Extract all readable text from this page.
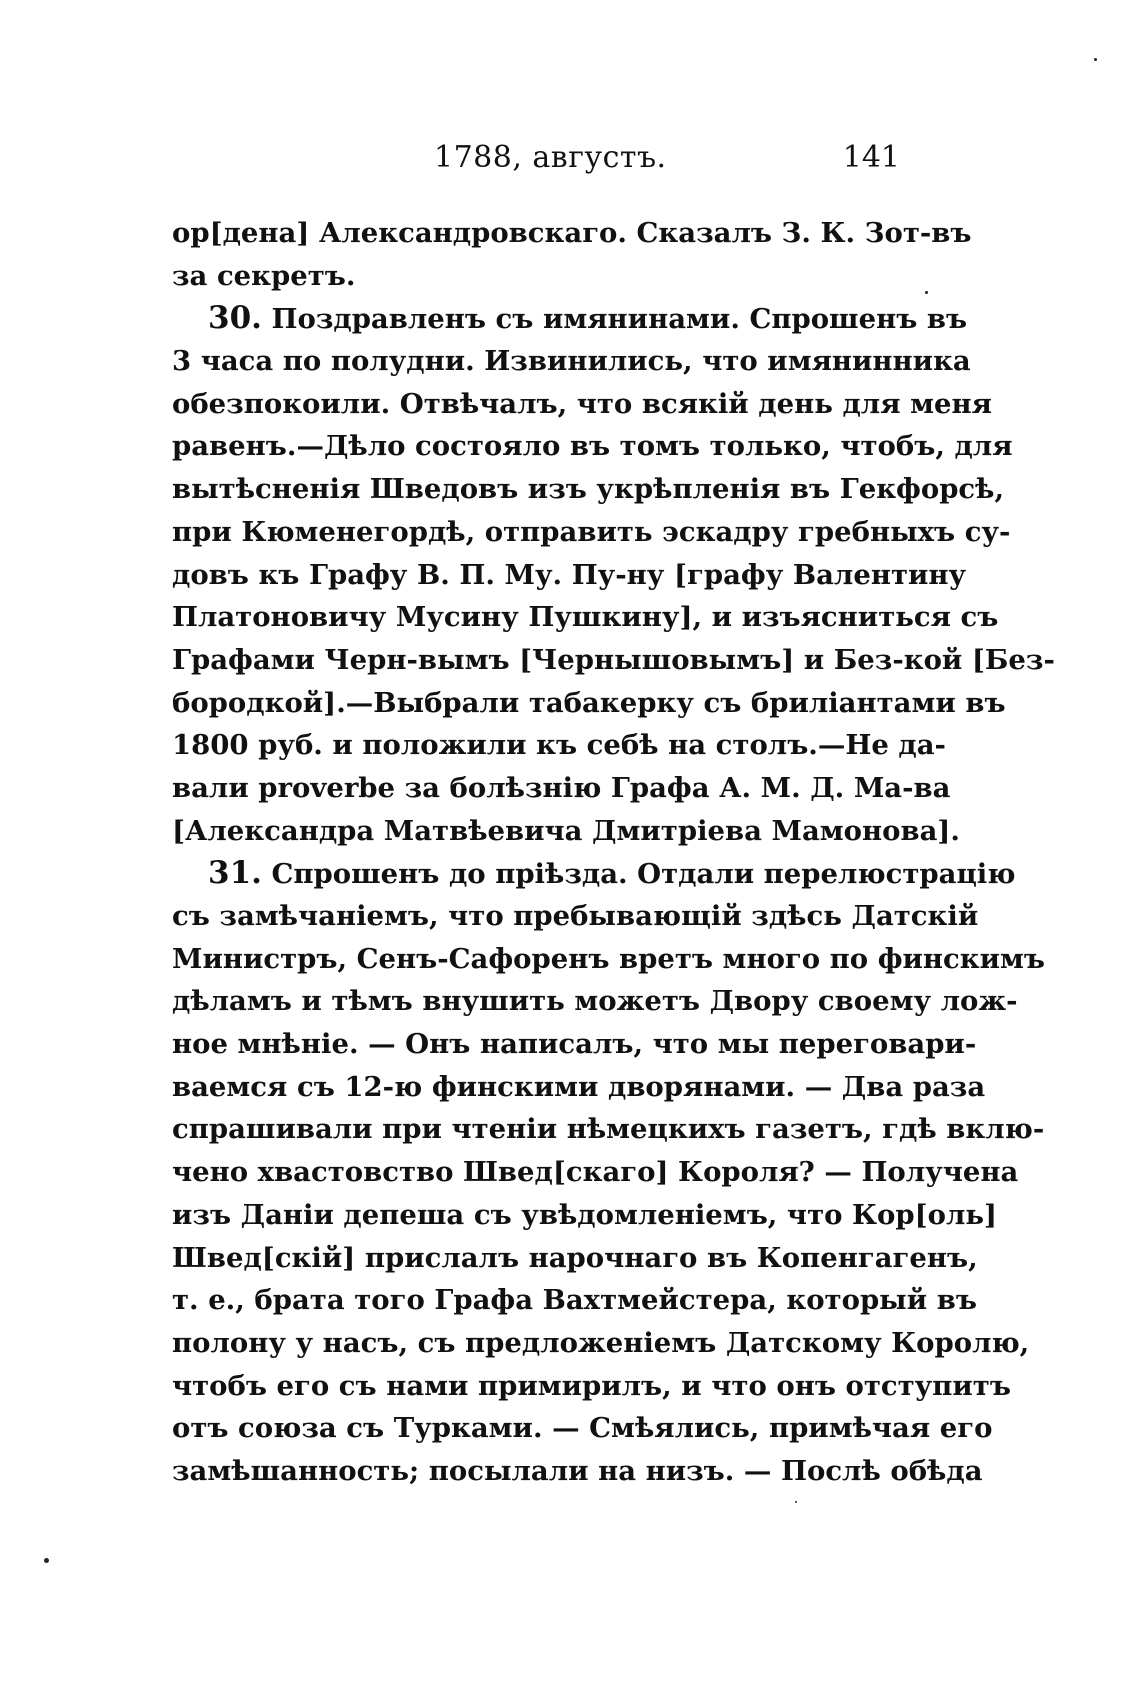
1788, августъ.	141
ор[дена] Александровскаго. Сказалъ З. К. Зот-въ
за секретъ.
30. Поздравленъ съ имянинами. Спрошенъ въ
3 часа по полудни. Извинились, что имянинника
обезпокоили. Отвѣчалъ, что всякій день для меня
равенъ.—Дѣло состояло въ томъ только, чтобъ, для
вытѣсненія Шведовъ изъ укрѣпленія въ Гекфорсѣ,
при Кюменегордѣ, отправить эскадру гребныхъ су-
довъ къ Графу В. П. Му. Пу-ну [графу Валентину
Платоновичу Мусину Пушкину], и изъясниться съ
Графами Черн-вымъ [Чернышовымъ] и Без-кой [Без-
бородкой].—Выбрали табакерку съ бриліантами въ
1800 руб. и положили къ себѣ на столъ.—Не да-
вали proverbe за болѣзнію Графа А. М. Д. Ма-ва
[Александра Матвѣевича Дмитріева Мамонова].
31. Спрошенъ до пріѣзда. Отдали перелюстрацію
съ замѣчаніемъ, что пребывающій здѣсь Датскій
Министръ, Сенъ-Сафоренъ вретъ много по финскимъ
дѣламъ и тѣмъ внушить можетъ Двору своему лож-
ное мнѣніе. — Онъ написалъ, что мы переговари-
ваемся съ 12-ю финскими дворянами. — Два раза
спрашивали при чтеніи нѣмецкихъ газетъ, гдѣ вклю-
чено хвастовство Швед[скаго] Короля? — Получена
изъ Даніи депеша съ увѣдомленіемъ, что Кор[оль]
Швед[скій] прислалъ нарочнаго въ Копенгагенъ,
т. е., брата того Графа Вахтмейстера, который въ
полону у насъ, съ предложеніемъ Датскому Королю,
чтобъ его съ нами примирилъ, и что онъ отступитъ
отъ союза съ Турками. — Смѣялись, примѣчая его
замѣшанность; посылали на низъ. — Послѣ обѣда
